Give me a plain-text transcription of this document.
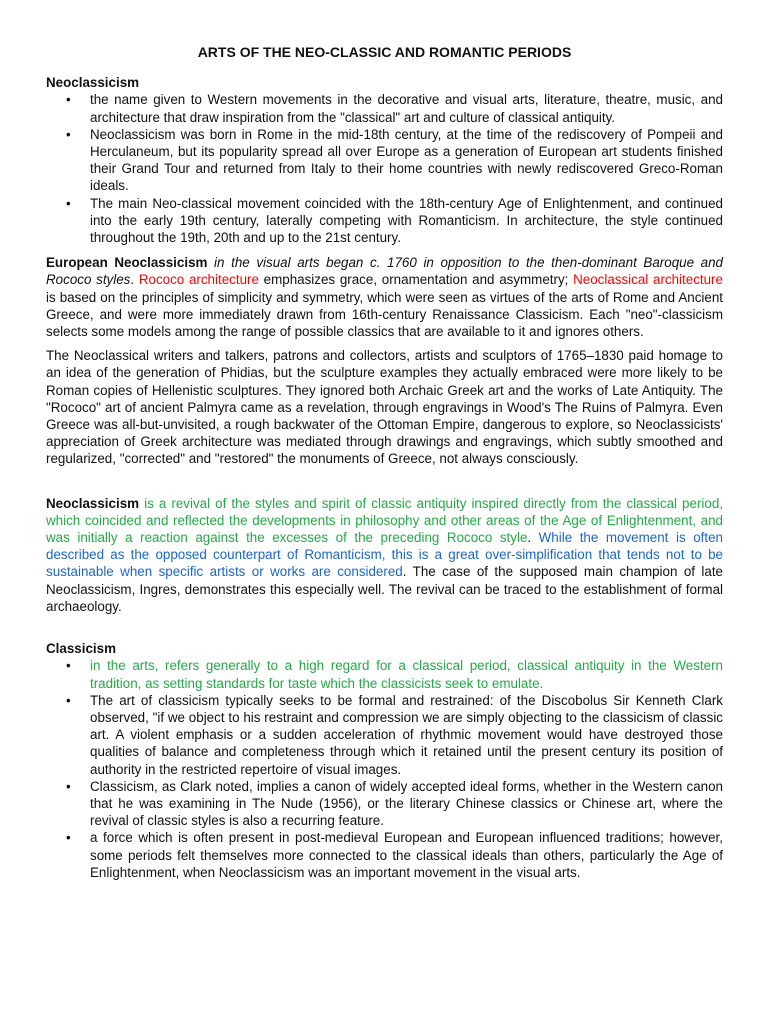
ARTS OF THE NEO-CLASSIC AND ROMANTIC PERIODS
Neoclassicism
• the name given to Western movements in the decorative and visual arts, literature, theatre, music, and architecture that draw inspiration from the "classical" art and culture of classical antiquity.
• Neoclassicism was born in Rome in the mid-18th century, at the time of the rediscovery of Pompeii and Herculaneum, but its popularity spread all over Europe as a generation of European art students finished their Grand Tour and returned from Italy to their home countries with newly rediscovered Greco-Roman ideals.
• The main Neo-classical movement coincided with the 18th-century Age of Enlightenment, and continued into the early 19th century, laterally competing with Romanticism. In architecture, the style continued throughout the 19th, 20th and up to the 21st century.

European Neoclassicism in the visual arts began c. 1760 in opposition to the then-dominant Baroque and Rococo styles. Rococo architecture emphasizes grace, ornamentation and asymmetry; Neoclassical architecture is based on the principles of simplicity and symmetry, which were seen as virtues of the arts of Rome and Ancient Greece, and were more immediately drawn from 16th-century Renaissance Classicism. Each "neo"-classicism selects some models among the range of possible classics that are available to it and ignores others.

The Neoclassical writers and talkers, patrons and collectors, artists and sculptors of 1765–1830 paid homage to an idea of the generation of Phidias, but the sculpture examples they actually embraced were more likely to be Roman copies of Hellenistic sculptures. They ignored both Archaic Greek art and the works of Late Antiquity. The "Rococo" art of ancient Palmyra came as a revelation, through engravings in Wood's The Ruins of Palmyra. Even Greece was all-but-unvisited, a rough backwater of the Ottoman Empire, dangerous to explore, so Neoclassicists' appreciation of Greek architecture was mediated through drawings and engravings, which subtly smoothed and regularized, "corrected" and "restored" the monuments of Greece, not always consciously.

Neoclassicism is a revival of the styles and spirit of classic antiquity inspired directly from the classical period, which coincided and reflected the developments in philosophy and other areas of the Age of Enlightenment, and was initially a reaction against the excesses of the preceding Rococo style. While the movement is often described as the opposed counterpart of Romanticism, this is a great over-simplification that tends not to be sustainable when specific artists or works are considered. The case of the supposed main champion of late Neoclassicism, Ingres, demonstrates this especially well. The revival can be traced to the establishment of formal archaeology.

Classicism
• in the arts, refers generally to a high regard for a classical period, classical antiquity in the Western tradition, as setting standards for taste which the classicists seek to emulate.
• The art of classicism typically seeks to be formal and restrained: of the Discobolus Sir Kenneth Clark observed, "if we object to his restraint and compression we are simply objecting to the classicism of classic art. A violent emphasis or a sudden acceleration of rhythmic movement would have destroyed those qualities of balance and completeness through which it retained until the present century its position of authority in the restricted repertoire of visual images.
• Classicism, as Clark noted, implies a canon of widely accepted ideal forms, whether in the Western canon that he was examining in The Nude (1956), or the literary Chinese classics or Chinese art, where the revival of classic styles is also a recurring feature.
• a force which is often present in post-medieval European and European influenced traditions; however, some periods felt themselves more connected to the classical ideals than others, particularly the Age of Enlightenment, when Neoclassicism was an important movement in the visual arts.
